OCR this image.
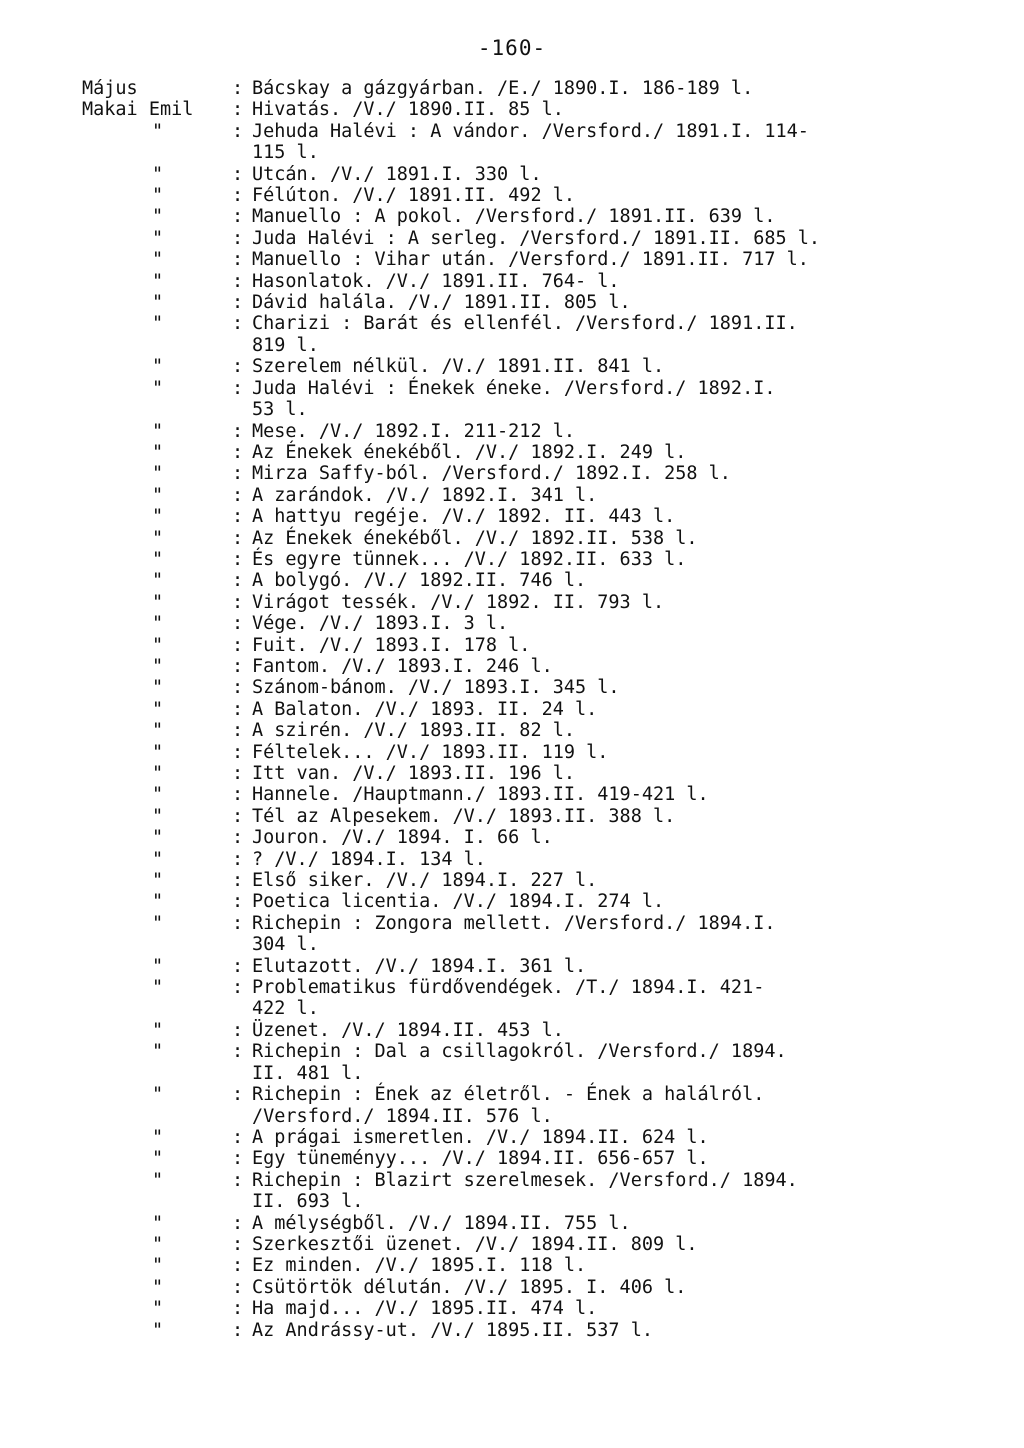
-160-
Május	: Bácskay a gázgyárban. /E./ 1890.I. 186-189 l.
Makai Emil	: Hivatás. /V./ 1890.II. 85 l.
"	: Jehuda Halévi : A vándor. /Versford./ 1891.I. 114-
115 l.
"	: Utcán. /V./ 1891.I. 330 l.
"	: Félúton. /V./ 1891.II. 492 l.
"	: Manuello : A pokol. /Versford./ 1891.II. 639 l.
"	: Juda Halévi : A serleg. /Versford./ 1891.II. 685 l.
"	: Manuello : Vihar után. /Versford./ 1891.II. 717 l.
"	: Hasonlatok. /V./ 1891.II. 764- l.
"	: Dávid halála. /V./ 1891.II. 805 l.
"	: Charizi : Barát és ellenfél. /Versford./ 1891.II.
819 l.
"	: Szerelem nélkül. /V./ 1891.II. 841 l.
"	: Juda Halévi : Énekek éneke. /Versford./ 1892.I.
53 l.
"	: Mese. /V./ 1892.I. 211-212 l.
"	: Az Énekek énekéből. /V./ 1892.I. 249 l.
"	: Mirza Saffy-ból. /Versford./ 1892.I. 258 l.
"	: A zarándok. /V./ 1892.I. 341 l.
"	: A hattyu regéje. /V./ 1892. II. 443 l.
"	: Az Énekek énekéből. /V./ 1892.II. 538 l.
"	: És egyre tünnek... /V./ 1892.II. 633 l.
"	: A bolygó. /V./ 1892.II. 746 l.
"	: Virágot tessék. /V./ 1892. II. 793 l.
"	: Vége. /V./ 1893.I. 3 l.
"	: Fuit. /V./ 1893.I. 178 l.
"	: Fantom. /V./ 1893.I. 246 l.
"	: Szánom-bánom. /V./ 1893.I. 345 l.
"	: A Balaton. /V./ 1893. II. 24 l.
"	: A szirén. /V./ 1893.II. 82 l.
"	: Féltelek... /V./ 1893.II. 119 l.
"	: Itt van. /V./ 1893.II. 196 l.
"	: Hannele. /Hauptmann./ 1893.II. 419-421 l.
"	: Tél az Alpesekem. /V./ 1893.II. 388 l.
"	: Jouron. /V./ 1894. I. 66 l.
"	: ? /V./ 1894.I. 134 l.
"	: Első siker. /V./ 1894.I. 227 l.
"	: Poetica licentia. /V./ 1894.I. 274 l.
"	: Richepin : Zongora mellett. /Versford./ 1894.I.
304 l.
"	: Elutazott. /V./ 1894.I. 361 l.
"	: Problematikus fürdővendégek. /T./ 1894.I. 421-
422 l.
"	: Üzenet. /V./ 1894.II. 453 l.
"	: Richepin : Dal a csillagokról. /Versford./ 1894.
II. 481 l.
"	: Richepin : Ének az életről. - Ének a halálról.
/Versford./ 1894.II. 576 l.
"	: A prágai ismeretlen. /V./ 1894.II. 624 l.
"	: Egy tüneményy... /V./ 1894.II. 656-657 l.
"	: Richepin : Blazirt szerelmesek. /Versford./ 1894.
II. 693 l.
"	: A mélységből. /V./ 1894.II. 755 l.
"	: Szerkesztői üzenet. /V./ 1894.II. 809 l.
"	: Ez minden. /V./ 1895.I. 118 l.
"	: Csütörtök délután. /V./ 1895. I. 406 l.
"	: Ha majd... /V./ 1895.II. 474 l.
"	: Az Andrássy-ut. /V./ 1895.II. 537 l.
